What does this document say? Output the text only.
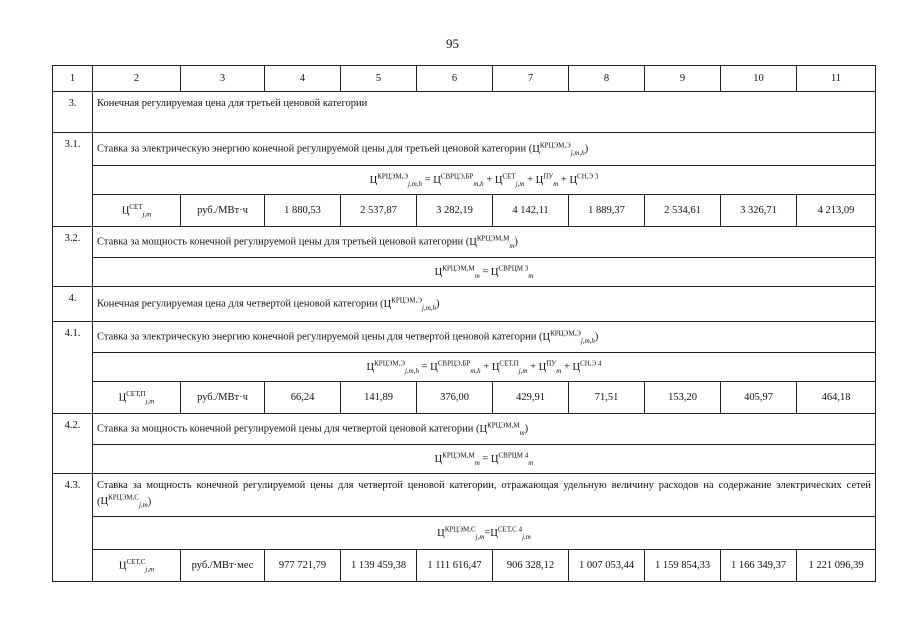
95
1	2	3	4	5	6	7	8	9	10	11
3.	Конечная регулируемая цена для третьей ценовой категории									
3.1.	Ставка за электрическую энергию конечной регулируемой цены для третьей ценовой категории $(Ц^{КРЦЭМ,Э}_{j,m,h})$									
	$Ц^{КРЦЭМ,Э}_{j,m,h} = Ц^{СВРЦЭ,БР}_{m,h} + Ц^{СЕТ}_{j,m} + Ц^{ПУ}_m + Ц^{СН,Э 3}$
	$Ц^{СЕТ}_{j,m}$	руб./МВт·ч	1 880,53	2 537,87	3 282,19	4 142,11	1 889,37	2 534,61	3 326,71	4 213,09
3.2.	Ставка за мощность конечной регулируемой цены для третьей ценовой категории $(Ц^{КРЦЭМ,М}_m)$									
	$Ц^{КРЦЭМ,М}_m = Ц^{СВРЦМ 3}_m$
4.	Конечная регулируемая цена для четвертой ценовой категории $(Ц^{КРЦЭМ,Э}_{j,m,h})$									
4.1.	Ставка за электрическую энергию конечной регулируемой цены для четвертой ценовой категории $(Ц^{КРЦЭМ,Э}_{j,m,h})$									
	$Ц^{КРЦЭМ,Э}_{j,m,h} = Ц^{СВРЦЭ,БР}_{m,h} + Ц^{СЕТ,П}_{j,m} + Ц^{ПУ}_m + Ц^{СН,Э 4}$
	$Ц^{СЕТ,П}_{j,m}$	руб./МВт·ч	66,24	141,89	376,00	429,91	71,51	153,20	405,97	464,18
4.2.	Ставка за мощность конечной регулируемой цены для четвертой ценовой категории $(Ц^{КРЦЭМ,М}_m)$									
	$Ц^{КРЦЭМ,М}_m = Ц^{СВРЦМ 4}_m$
4.3.	Ставка за мощность конечной регулируемой цены для четвертой ценовой категории, отражающая удельную величину расходов на содержание электрических сетей $(Ц^{КРЦЭМ,С}_{j,m})$									
	$Ц^{КРЦЭМ,С}_{j,m}=Ц^{СЕТ,С 4}_{j,m}$
	$Ц^{СЕТ,С}_{j,m}$	руб./МВт·мес	977 721,79	1 139 459,38	1 111 616,47	906 328,12	1 007 053,44	1 159 854,33	1 166 349,37	1 221 096,39
